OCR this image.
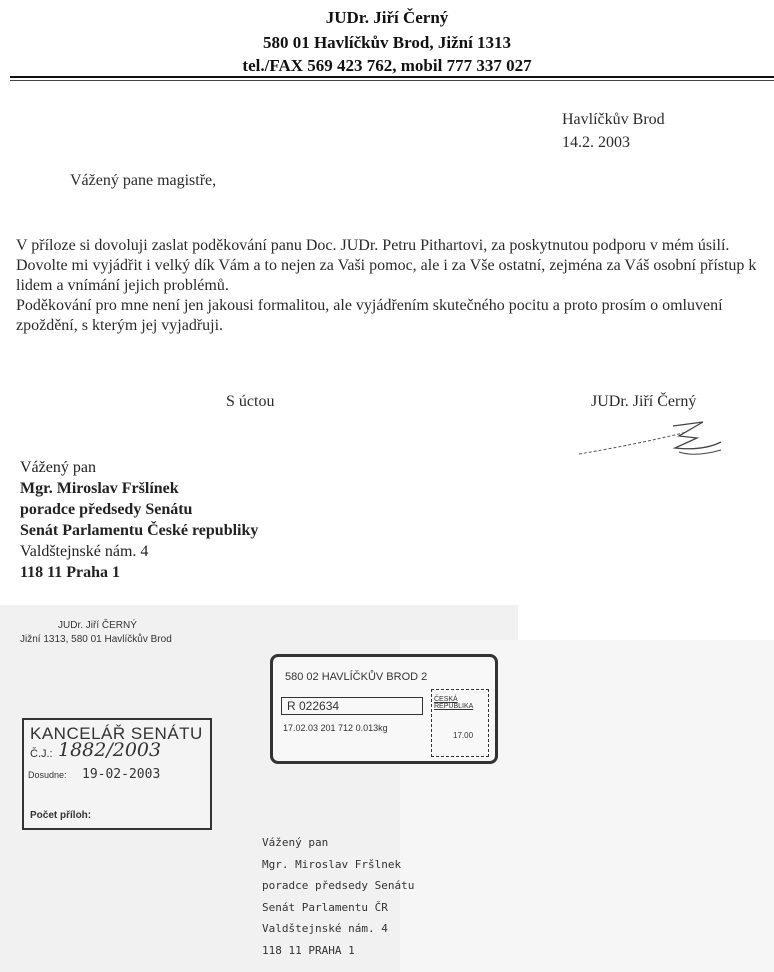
JUDr. Jiří Černý
580 01 Havlíčkův Brod, Jižní 1313
tel./FAX 569 423 762, mobil 777 337 027
Havlíčkův Brod
14.2. 2003
Vážený pane magistře,

V příloze si dovoluji zaslat poděkování panu Doc. JUDr. Petru Pithartovi, za poskytnutou podporu v mém úsilí.

Dovolte mi vyjádřit i velký dík Vám a to nejen za Vaši pomoc, ale i za Vše ostatní, zejména za Váš osobní přístup k lidem a vnímání jejich problémů.

Poděkování pro mne není jen jakousi formalitou, ale vyjádřením skutečného pocitu a proto prosím o omluvení zpoždění, s kterým jej vyjadřuji.

S úctou	JUDr. Jiří Černý
Vážený pan
Mgr. Miroslav Fršlínek
poradce předsedy Senátu
Senát Parlamentu České republiky
Valdštejnské nám. 4
118 11 Praha 1
JUDr. Jiří ČERNÝ
Jižní 1313, 580 01 Havlíčkův Brod
KANCELÁŘ SENÁTU
Č.J.: 1882/2003
Dosudne: 19-02-2003
Počet příloh:
580 02 HAVLÍČKŮV BROD 2
R 022634
17.02.03 201 712 0.013kg
ČESKÁ REPUBLIKA
17.00
Vážený pan
Mgr. Miroslav Fršlnek
poradce předsedy Senátu
Senát Parlamentu ČR
Valdštejnské nám. 4
118 11 PRAHA 1
